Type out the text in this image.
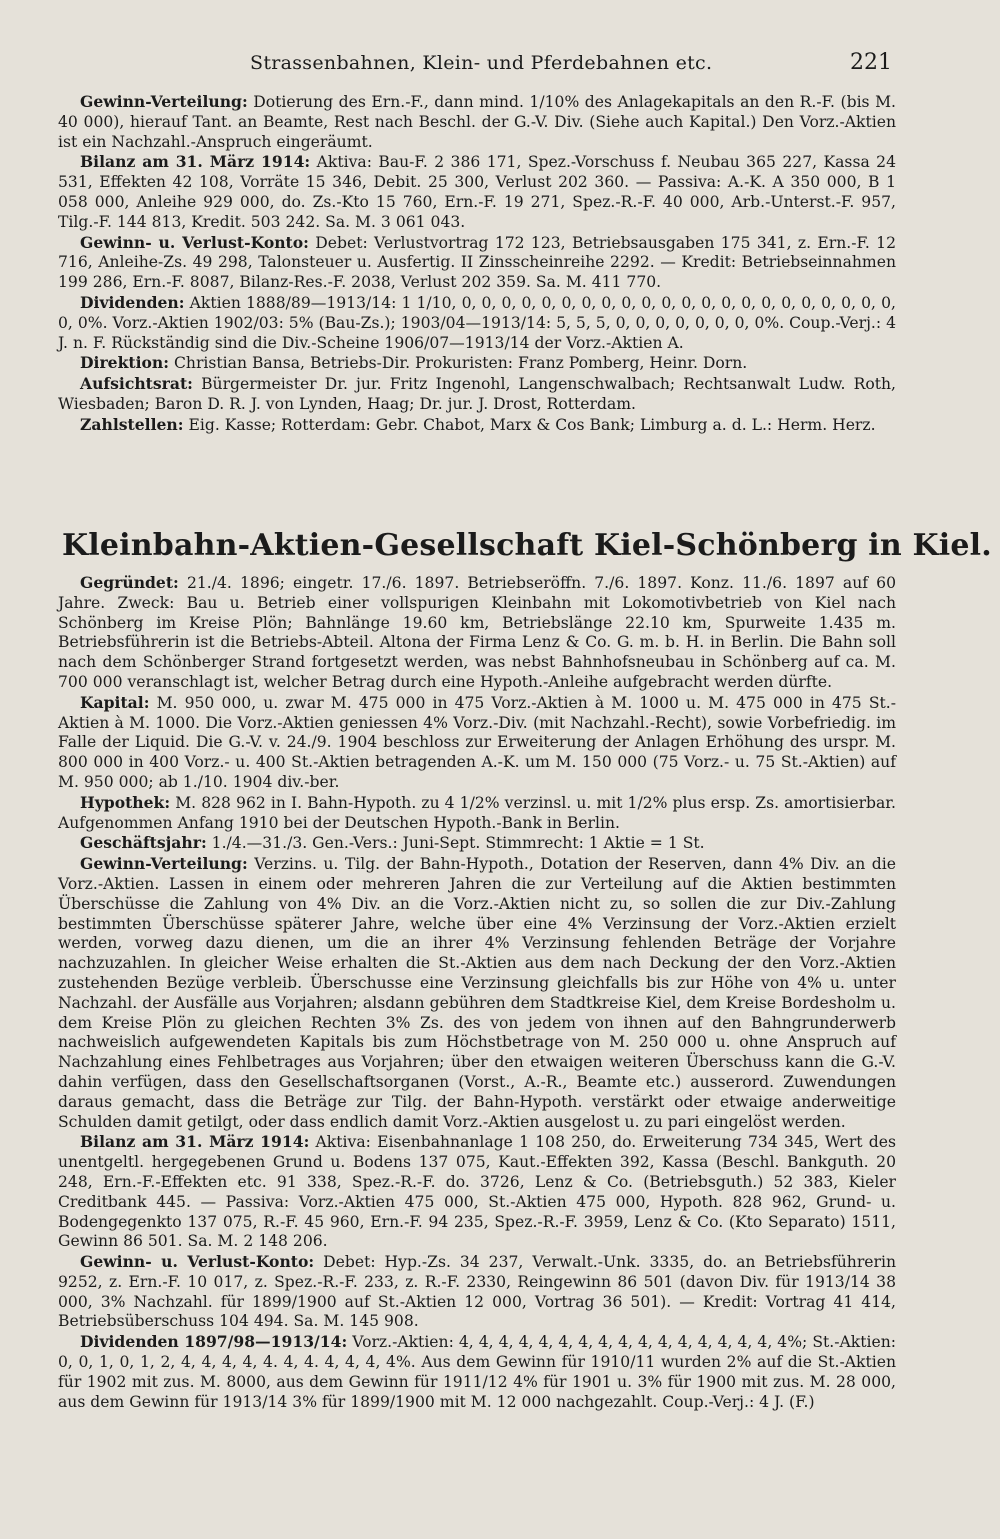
Strassenbahnen, Klein- und Pferdebahnen etc.	221

Gewinn-Verteilung: Dotierung des Ern.-F., dann mind. 1/10% des Anlagekapitals an den R.-F. (bis M. 40 000), hierauf Tant. an Beamte, Rest nach Beschl. der G.-V. Div. (Siehe auch Kapital.) Den Vorz.-Aktien ist ein Nachzahl.-Anspruch eingeräumt.

Bilanz am 31. März 1914: Aktiva: Bau-F. 2 386 171, Spez.-Vorschuss f. Neubau 365 227, Kassa 24 531, Effekten 42 108, Vorräte 15 346, Debit. 25 300, Verlust 202 360. — Passiva: A.-K. A 350 000, B 1 058 000, Anleihe 929 000, do. Zs.-Kto 15 760, Ern.-F. 19 271, Spez.-R.-F. 40 000, Arb.-Unterst.-F. 957, Tilg.-F. 144 813, Kredit. 503 242. Sa. M. 3 061 043.

Gewinn- u. Verlust-Konto: Debet: Verlustvortrag 172 123, Betriebsausgaben 175 341, z. Ern.-F. 12 716, Anleihe-Zs. 49 298, Talonsteuer u. Ausfertig. II Zinsscheinreihe 2292. — Kredit: Betriebseinnahmen 199 286, Ern.-F. 8087, Bilanz-Res.-F. 2038, Verlust 202 359. Sa. M. 411 770.

Dividenden: Aktien 1888/89—1913/14: 1 1/10, 0, 0, 0, 0, 0, 0, 0, 0, 0, 0, 0, 0, 0, 0, 0, 0, 0, 0, 0, 0, 0, 0, 0, 0%. Vorz.-Aktien 1902/03: 5% (Bau-Zs.); 1903/04—1913/14: 5, 5, 5, 0, 0, 0, 0, 0, 0, 0, 0%. Coup.-Verj.: 4 J. n. F. Rückständig sind die Div.-Scheine 1906/07—1913/14 der Vorz.-Aktien A.

Direktion: Christian Bansa, Betriebs-Dir. Prokuristen: Franz Pomberg, Heinr. Dorn.

Aufsichtsrat: Bürgermeister Dr. jur. Fritz Ingenohl, Langenschwalbach; Rechtsanwalt Ludw. Roth, Wiesbaden; Baron D. R. J. von Lynden, Haag; Dr. jur. J. Drost, Rotterdam.

Zahlstellen: Eig. Kasse; Rotterdam: Gebr. Chabot, Marx & Cos Bank; Limburg a. d. L.: Herm. Herz.

Kleinbahn-Aktien-Gesellschaft Kiel-Schönberg in Kiel.

Gegründet: 21./4. 1896; eingetr. 17./6. 1897. Betriebseröffn. 7./6. 1897. Konz. 11./6. 1897 auf 60 Jahre. Zweck: Bau u. Betrieb einer vollspurigen Kleinbahn mit Lokomotivbetrieb von Kiel nach Schönberg im Kreise Plön; Bahnlänge 19.60 km, Betriebslänge 22.10 km, Spurweite 1.435 m. Betriebsführerin ist die Betriebs-Abteil. Altona der Firma Lenz & Co. G. m. b. H. in Berlin. Die Bahn soll nach dem Schönberger Strand fortgesetzt werden, was nebst Bahnhofsneubau in Schönberg auf ca. M. 700 000 veranschlagt ist, welcher Betrag durch eine Hypoth.-Anleihe aufgebracht werden dürfte.

Kapital: M. 950 000, u. zwar M. 475 000 in 475 Vorz.-Aktien à M. 1000 u. M. 475 000 in 475 St.-Aktien à M. 1000. Die Vorz.-Aktien geniessen 4% Vorz.-Div. (mit Nachzahl.-Recht), sowie Vorbefriedig. im Falle der Liquid. Die G.-V. v. 24./9. 1904 beschloss zur Erweiterung der Anlagen Erhöhung des urspr. M. 800 000 in 400 Vorz.- u. 400 St.-Aktien betragenden A.-K. um M. 150 000 (75 Vorz.- u. 75 St.-Aktien) auf M. 950 000; ab 1./10. 1904 div.-ber.

Hypothek: M. 828 962 in I. Bahn-Hypoth. zu 4 1/2% verzinsl. u. mit 1/2% plus ersp. Zs. amortisierbar. Aufgenommen Anfang 1910 bei der Deutschen Hypoth.-Bank in Berlin.

Geschäftsjahr: 1./4.—31./3. Gen.-Vers.: Juni-Sept. Stimmrecht: 1 Aktie = 1 St.

Gewinn-Verteilung: Verzins. u. Tilg. der Bahn-Hypoth., Dotation der Reserven, dann 4% Div. an die Vorz.-Aktien. Lassen in einem oder mehreren Jahren die zur Verteilung auf die Aktien bestimmten Überschüsse die Zahlung von 4% Div. an die Vorz.-Aktien nicht zu, so sollen die zur Div.-Zahlung bestimmten Überschüsse späterer Jahre, welche über eine 4% Verzinsung der Vorz.-Aktien erzielt werden, vorweg dazu dienen, um die an ihrer 4% Verzinsung fehlenden Beträge der Vorjahre nachzuzahlen. In gleicher Weise erhalten die St.-Aktien aus dem nach Deckung der den Vorz.-Aktien zustehenden Bezüge verbleib. Überschusse eine Verzinsung gleichfalls bis zur Höhe von 4% u. unter Nachzahl. der Ausfälle aus Vorjahren; alsdann gebühren dem Stadtkreise Kiel, dem Kreise Bordesholm u. dem Kreise Plön zu gleichen Rechten 3% Zs. des von jedem von ihnen auf den Bahngrunderwerb nachweislich aufgewendeten Kapitals bis zum Höchstbetrage von M. 250 000 u. ohne Anspruch auf Nachzahlung eines Fehlbetrages aus Vorjahren; über den etwaigen weiteren Überschuss kann die G.-V. dahin verfügen, dass den Gesellschaftsorganen (Vorst., A.-R., Beamte etc.) ausserord. Zuwendungen daraus gemacht, dass die Beträge zur Tilg. der Bahn-Hypoth. verstärkt oder etwaige anderweitige Schulden damit getilgt, oder dass endlich damit Vorz.-Aktien ausgelost u. zu pari eingelöst werden.

Bilanz am 31. März 1914: Aktiva: Eisenbahnanlage 1 108 250, do. Erweiterung 734 345, Wert des unentgeltl. hergegebenen Grund u. Bodens 137 075, Kaut.-Effekten 392, Kassa (Beschl. Bankguth. 20 248, Ern.-F.-Effekten etc. 91 338, Spez.-R.-F. do. 3726, Lenz & Co. (Betriebsguth.) 52 383, Kieler Creditbank 445. — Passiva: Vorz.-Aktien 475 000, St.-Aktien 475 000, Hypoth. 828 962, Grund- u. Bodengegenkto 137 075, R.-F. 45 960, Ern.-F. 94 235, Spez.-R.-F. 3959, Lenz & Co. (Kto Separato) 1511, Gewinn 86 501. Sa. M. 2 148 206.

Gewinn- u. Verlust-Konto: Debet: Hyp.-Zs. 34 237, Verwalt.-Unk. 3335, do. an Betriebsführerin 9252, z. Ern.-F. 10 017, z. Spez.-R.-F. 233, z. R.-F. 2330, Reingewinn 86 501 (davon Div. für 1913/14 38 000, 3% Nachzahl. für 1899/1900 auf St.-Aktien 12 000, Vortrag 36 501). — Kredit: Vortrag 41 414, Betriebsüberschuss 104 494. Sa. M. 145 908.

Dividenden 1897/98—1913/14: Vorz.-Aktien: 4, 4, 4, 4, 4, 4, 4, 4, 4, 4, 4, 4, 4, 4, 4, 4, 4%; St.-Aktien: 0, 0, 1, 0, 1, 2, 4, 4, 4, 4, 4. 4, 4. 4, 4, 4, 4%. Aus dem Gewinn für 1910/11 wurden 2% auf die St.-Aktien für 1902 mit zus. M. 8000, aus dem Gewinn für 1911/12 4% für 1901 u. 3% für 1900 mit zus. M. 28 000, aus dem Gewinn für 1913/14 3% für 1899/1900 mit M. 12 000 nachgezahlt. Coup.-Verj.: 4 J. (F.)
